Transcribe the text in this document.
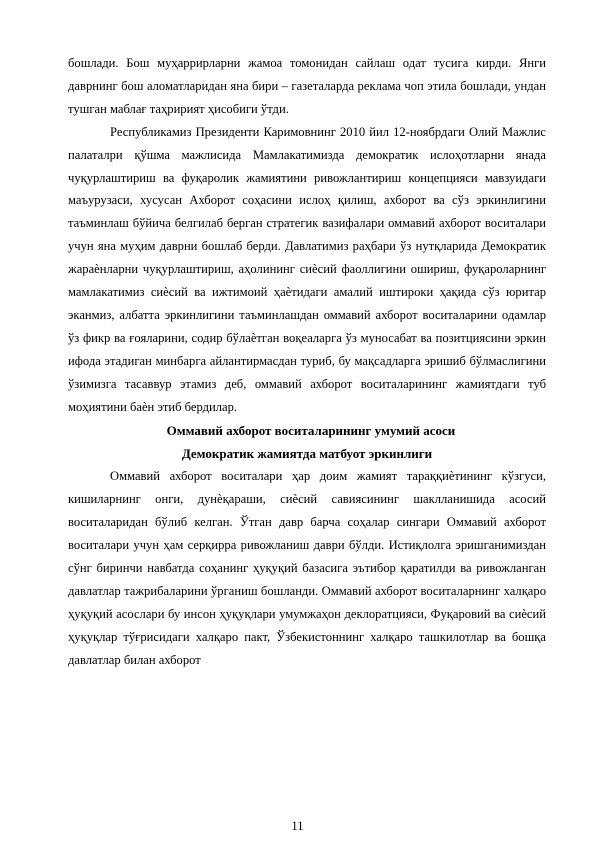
бошлади. Бош муҳаррирларни жамоа томонидан сайлаш одат тусига кирди. Янги даврнинг бош аломатларидан яна бири – газеталарда реклама чоп этила бошлади, ундан тушган маблағ таҳририят ҳисобиги ўтди.

Республикамиз Президенти Каримовнинг 2010 йил 12-ноябрдаги Олий Мажлис палаталри қўшма мажлисида Мамлакатимизда демократик ислоҳотларни янада чуқурлаштириш ва фуқаролик жамиятини ривожлантириш концепцияси мавзуидаги маъурузаси, хусусан Ахборот соҳасини ислоҳ қилиш, ахборот ва сўз эркинлигини таъминлаш бўйича белгилаб берган стратегик вазифалари оммавий ахборот воситалари учун яна муҳим даврни бошлаб берди. Давлатимиз раҳбари ўз нутқларида Демократик жараѐнларни чуқурлаштириш, аҳолининг сиѐсий фаоллигини ошириш, фуқароларнинг мамлакатимиз сиѐсий ва ижтимоий ҳаѐтидаги амалий иштироки ҳақида сўз юритар эканмиз, албатта эркинлигини таъминлашдан оммавий ахборот воситаларини одамлар ўз фикр ва ғояларини, содир бўлаѐтган воқеаларга ўз муносабат ва позитциясини эркин ифода этадиган минбарга айлантирмасдан туриб, бу мақсадларга эришиб бўлмаслигини ўзимизга тасаввур этамиз деб, оммавий ахборот воситаларининг жамиятдаги туб моҳиятини баѐн этиб бердилар.

Оммавий ахборот воситаларининг умумий асоси

Демократик жамиятда матбуот эркинлиги

Оммавий ахборот воситалари ҳар доим жамият тараққиѐтининг кўзгуси, кишиларнинг онги, дунѐқараши, сиѐсий савиясининг шаклланишида асосий воситаларидан бўлиб келган. Ўтган давр барча соҳалар сингари Оммавий ахборот воситалари учун ҳам серқирра ривожланиш даври бўлди. Истиқлолга эришганимиздан сўнг биринчи навбатда соҳанинг ҳуқуқий базасига эътибор қаратилди ва ривожланган давлатлар тажрибаларини ўрганиш бошланди. Оммавий ахборот воситаларнинг халқаро ҳуқуқий асослари бу инсон ҳуқуқлари умумжаҳон деклоратцияси, Фуқаровий ва сиѐсий ҳуқуқлар тўғрисидаги халқаро пакт, Ўзбекистоннинг халқаро ташкилотлар ва бошқа давлатлар билан ахборот

11
